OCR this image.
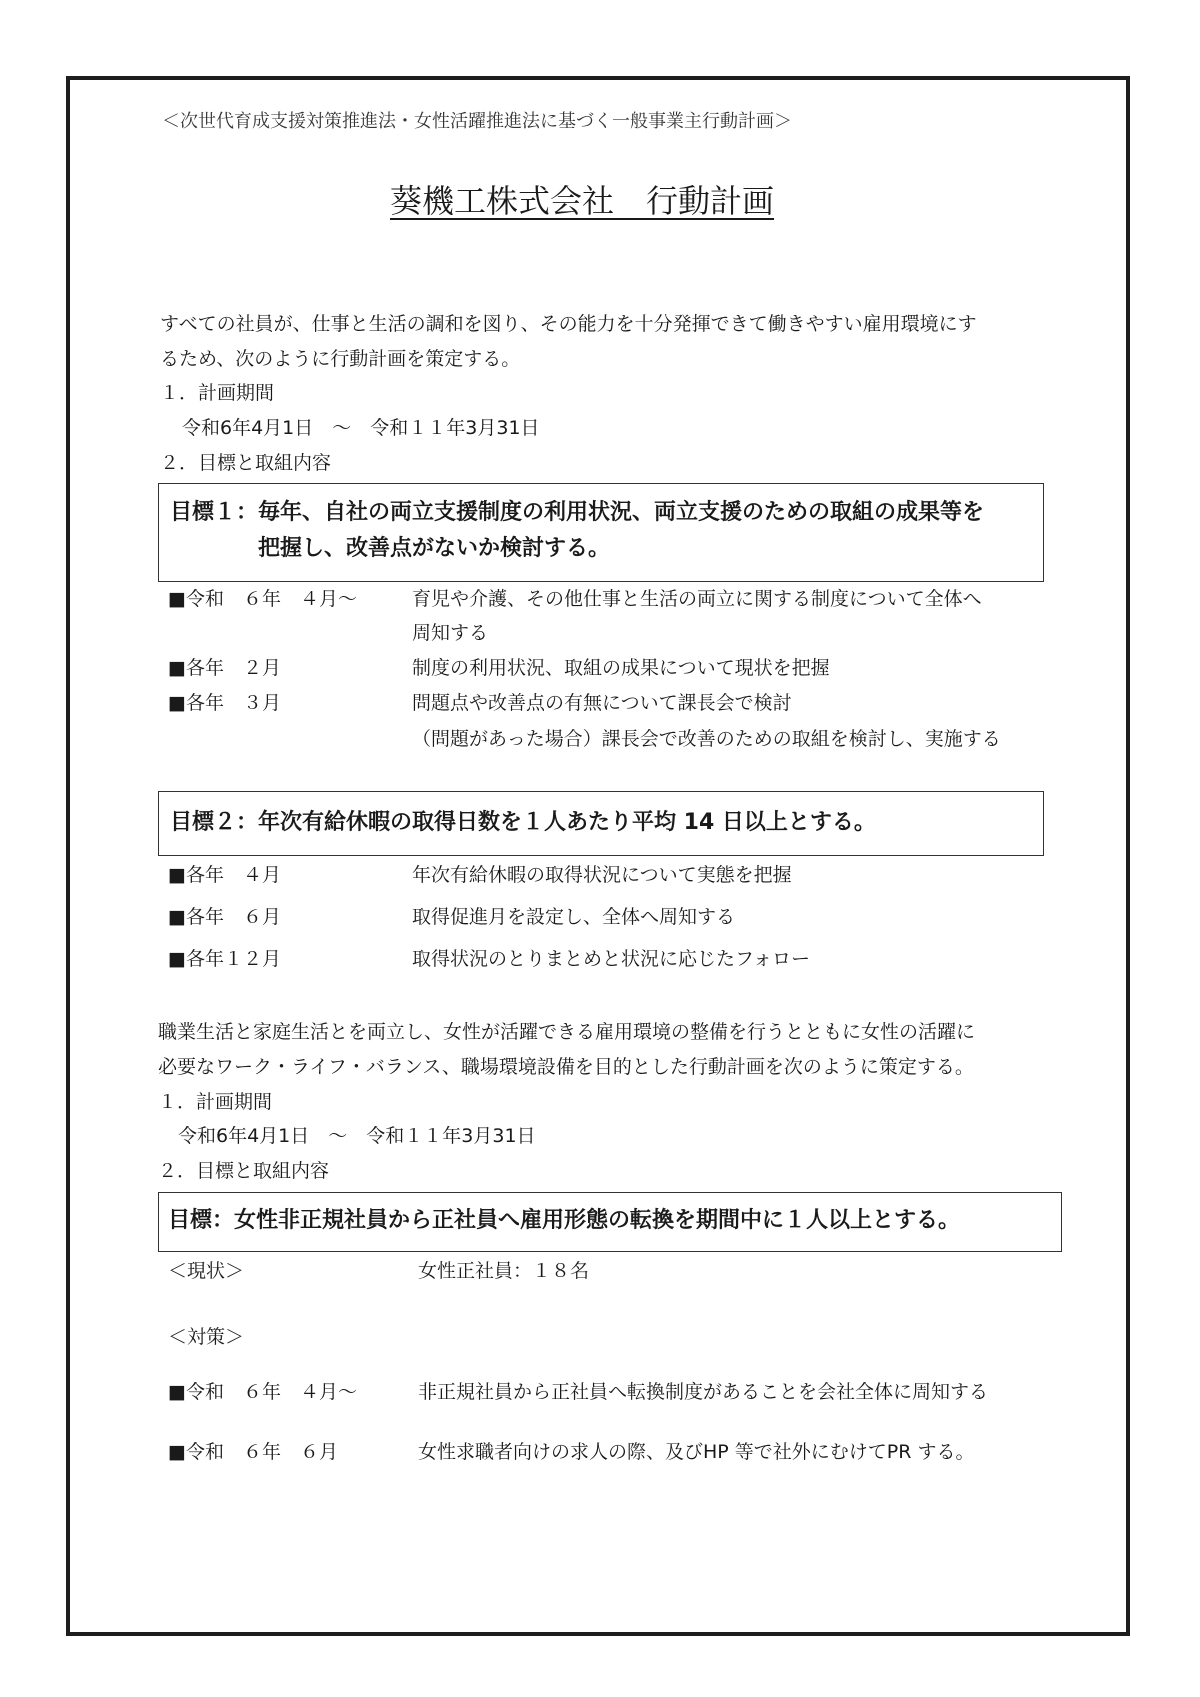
＜次世代育成支援対策推進法・女性活躍推進法に基づく一般事業主行動計画＞
葵機工株式会社　行動計画
すべての社員が、仕事と生活の調和を図り、その能力を十分発揮できて働きやすい雇用環境にす
るため、次のように行動計画を策定する。
１．計画期間
令和6年4月1日　～　令和１１年3月31日
２．目標と取組内容
目標１：毎年、自社の両立支援制度の利用状況、両立支援のための取組の成果等を
把握し、改善点がないか検討する。
■令和　６年　４月～	育児や介護、その他仕事と生活の両立に関する制度について全体へ
周知する
■各年　２月	制度の利用状況、取組の成果について現状を把握
■各年　３月	問題点や改善点の有無について課長会で検討
（問題があった場合）課長会で改善のための取組を検討し、実施する
目標２：年次有給休暇の取得日数を１人あたり平均 14 日以上とする。
■各年　４月	年次有給休暇の取得状況について実態を把握
■各年　６月	取得促進月を設定し、全体へ周知する
■各年１２月	取得状況のとりまとめと状況に応じたフォロー
職業生活と家庭生活とを両立し、女性が活躍できる雇用環境の整備を行うとともに女性の活躍に
必要なワーク・ライフ・バランス、職場環境設備を目的とした行動計画を次のように策定する。
１．計画期間
令和6年4月1日　～　令和１１年3月31日
２．目標と取組内容
目標：女性非正規社員から正社員へ雇用形態の転換を期間中に１人以上とする。
＜現状＞	女性正社員：１８名
＜対策＞
■令和　６年　４月～	非正規社員から正社員へ転換制度があることを会社全体に周知する
■令和　６年　６月	女性求職者向けの求人の際、及びHP 等で社外にむけてPR する。
